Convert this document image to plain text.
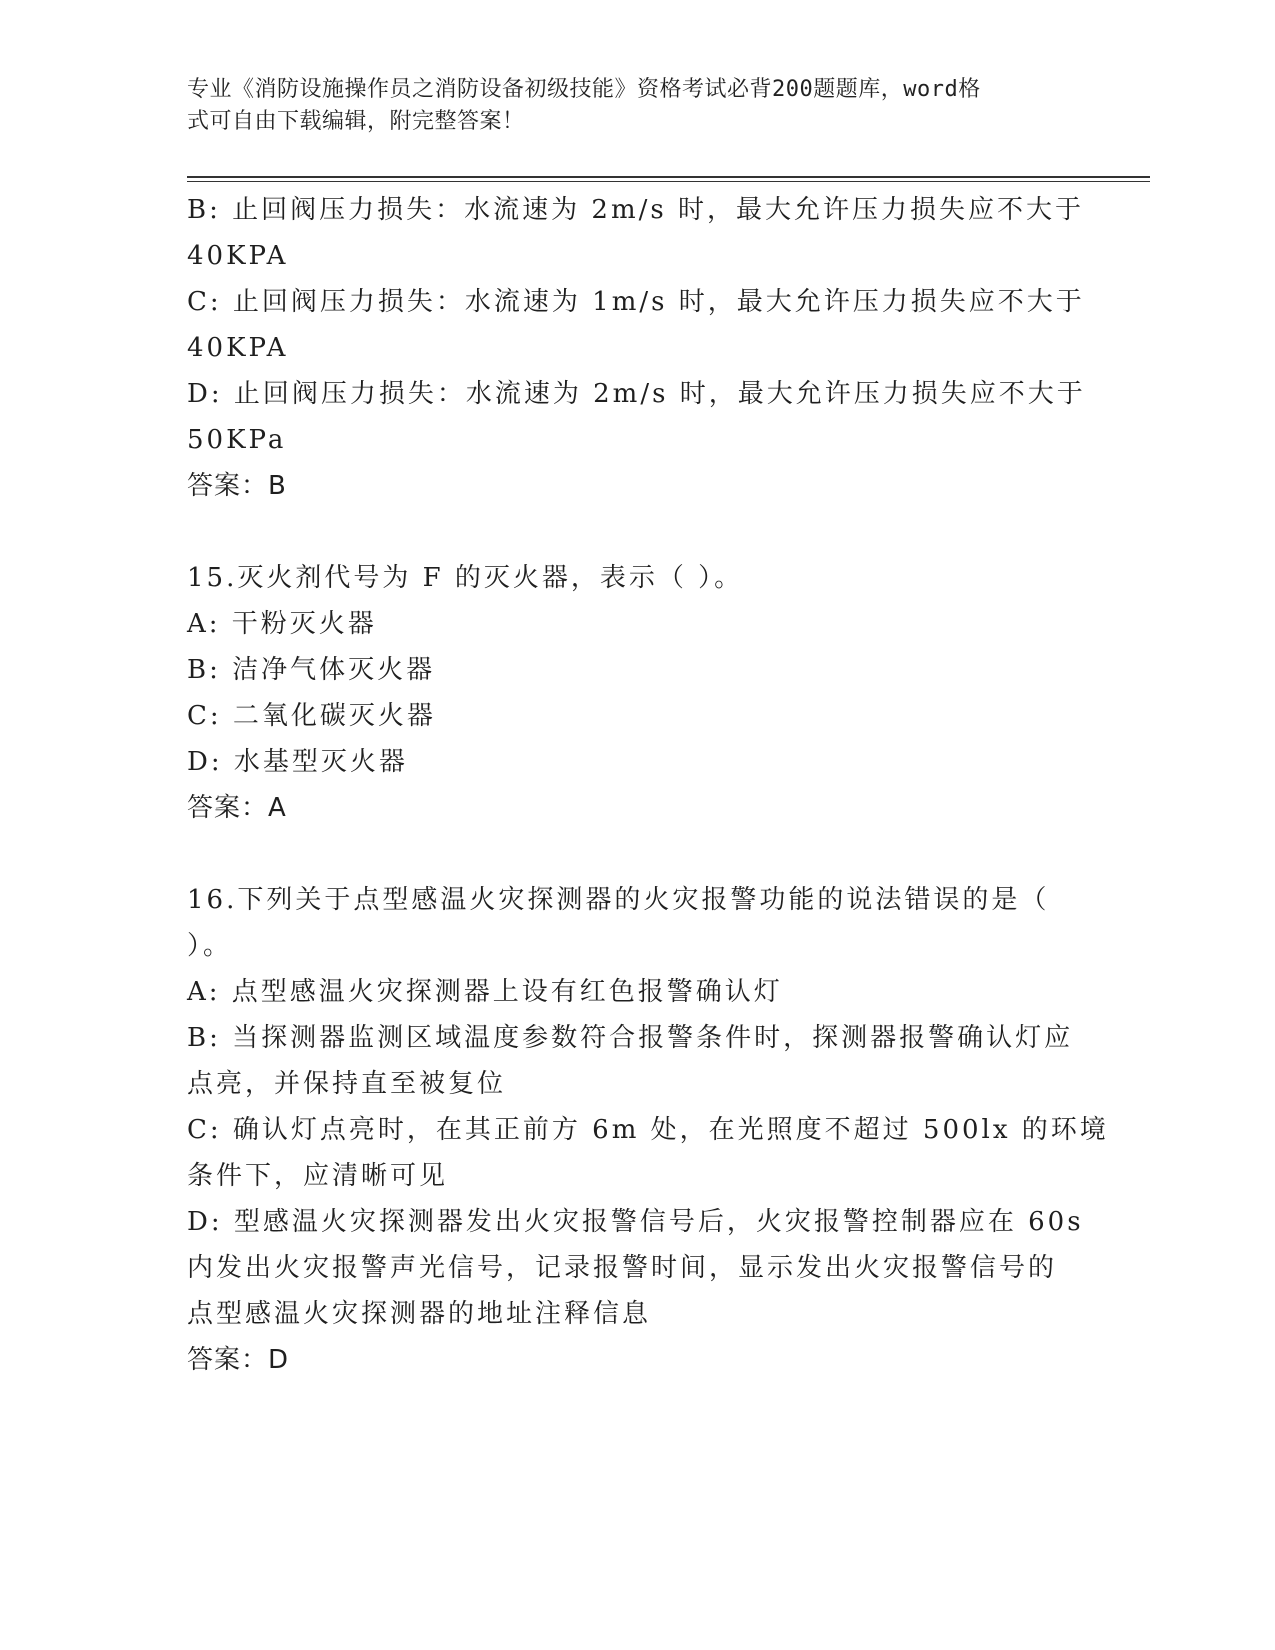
专业《消防设施操作员之消防设备初级技能》资格考试必背200题题库，word格
式可自由下载编辑，附完整答案！
B: 止回阀压力损失：水流速为 2m/s 时，最大允许压力损失应不大于
40KPA
C: 止回阀压力损失：水流速为 1m/s 时，最大允许压力损失应不大于
40KPA
D: 止回阀压力损失：水流速为 2m/s 时，最大允许压力损失应不大于
50KPa
答案：B
15.灭火剂代号为 F 的灭火器，表示（ ）。
A: 干粉灭火器
B: 洁净气体灭火器
C: 二氧化碳灭火器
D: 水基型灭火器
答案：A
16.下列关于点型感温火灾探测器的火灾报警功能的说法错误的是（
）。
A: 点型感温火灾探测器上设有红色报警确认灯
B: 当探测器监测区域温度参数符合报警条件时，探测器报警确认灯应
点亮，并保持直至被复位
C: 确认灯点亮时，在其正前方 6m 处，在光照度不超过 500lx 的环境
条件下，应清晰可见
D: 型感温火灾探测器发出火灾报警信号后，火灾报警控制器应在 60s
内发出火灾报警声光信号，记录报警时间，显示发出火灾报警信号的
点型感温火灾探测器的地址注释信息
答案：D
